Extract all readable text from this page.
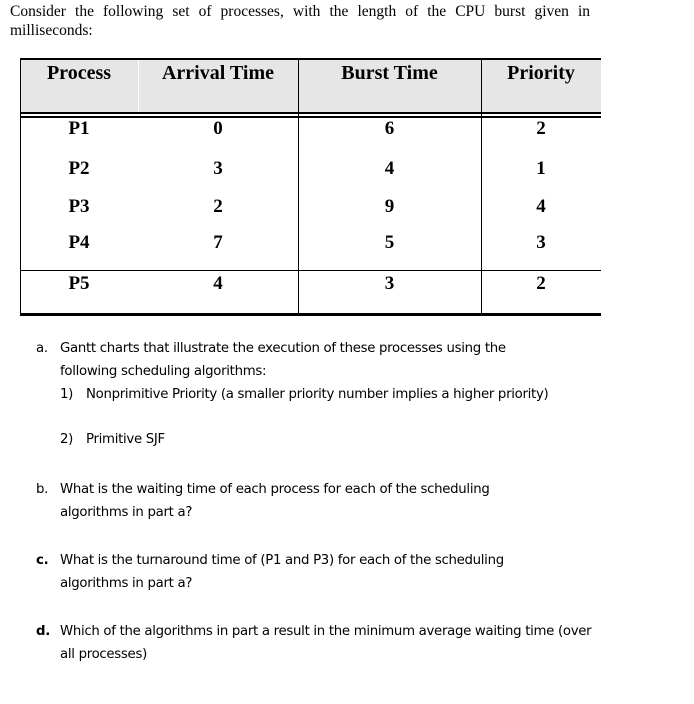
Consider the following set of processes, with the length of the CPU burst given in milliseconds:
Process	Arrival Time	Burst Time	Priority
P1	0	6	2
P2	3	4	1
P3	2	9	4
P4	7	5	3
P5	4	3	2
a. Gantt charts that illustrate the execution of these processes using the following scheduling algorithms:
1) Nonprimitive Priority (a smaller priority number implies a higher priority)
2) Primitive SJF
b. What is the waiting time of each process for each of the scheduling algorithms in part a?
c. What is the turnaround time of (P1 and P3) for each of the scheduling algorithms in part a?
d. Which of the algorithms in part a result in the minimum average waiting time (over all processes)
